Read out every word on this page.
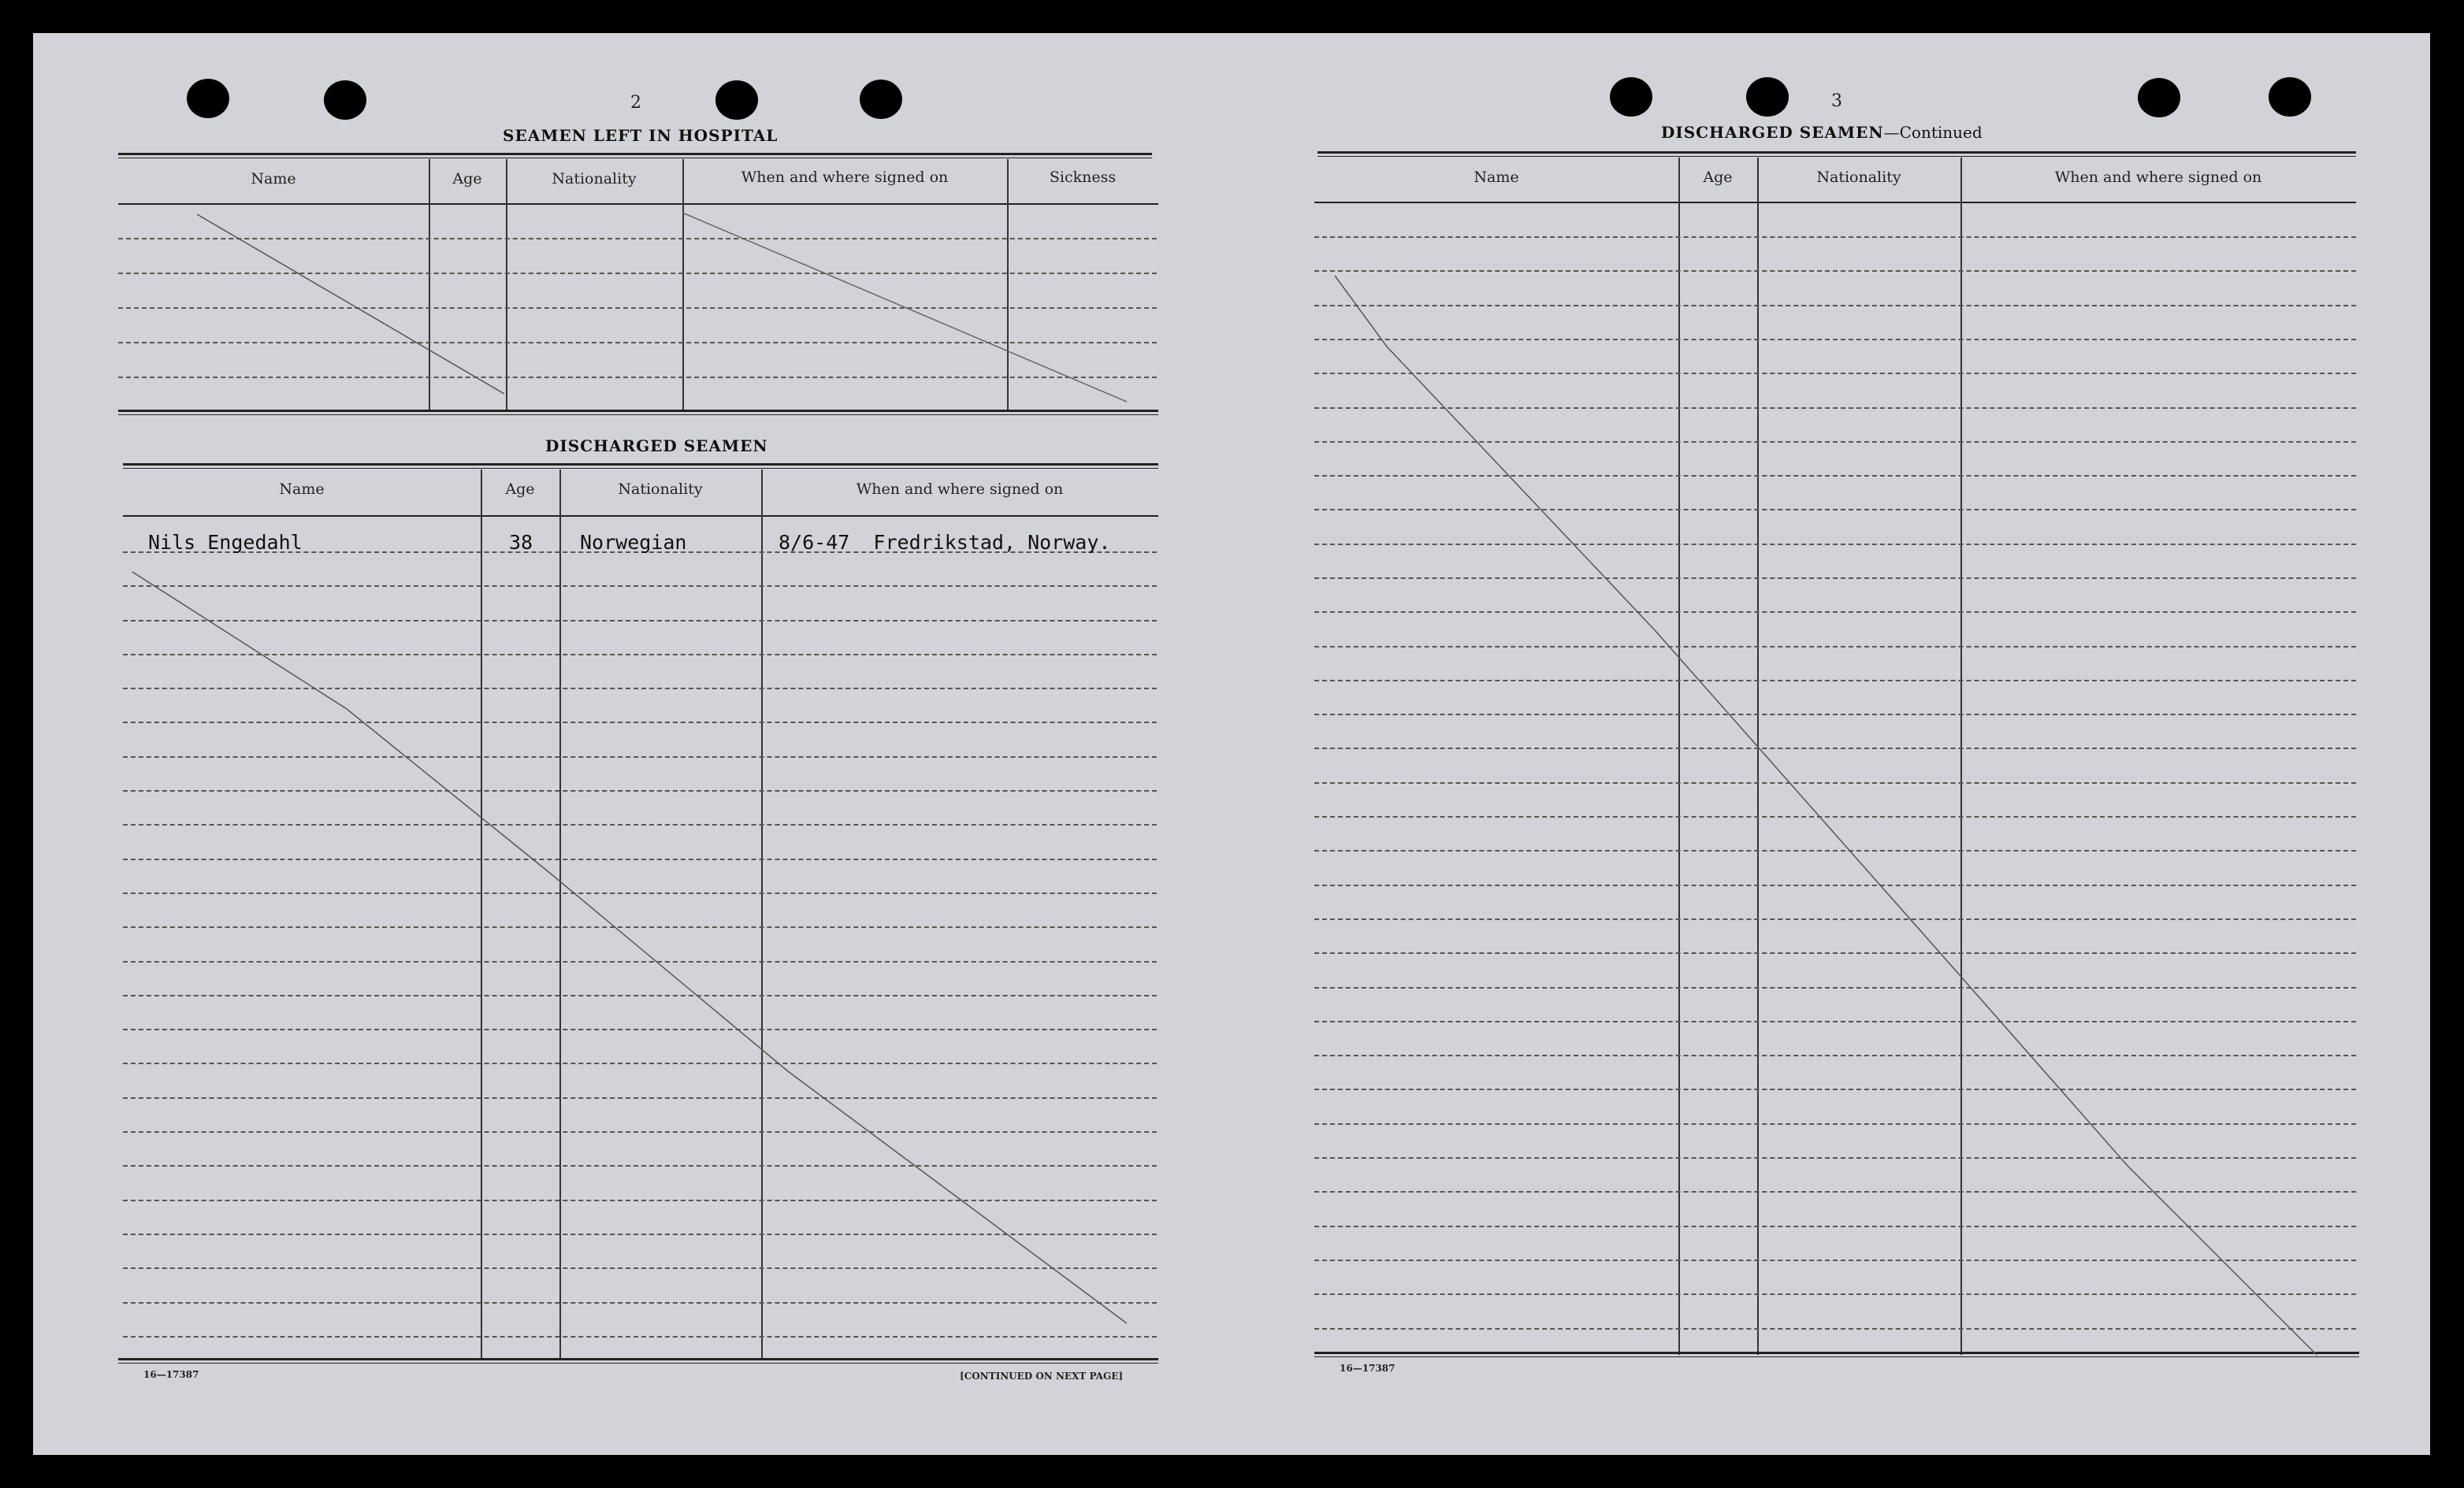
2
SEAMEN LEFT IN HOSPITAL
Name	Age	Nationality	When and where signed on	Sickness
DISCHARGED SEAMEN
Name	Age	Nationality	When and where signed on
Nils Engedahl	38 Norwegian	8/6-47  Fredrikstad, Norway.
16—17387	[CONTINUED ON NEXT PAGE]
3
DISCHARGED SEAMEN—Continued
Name	Age	Nationality	When and where signed on
16—17387
